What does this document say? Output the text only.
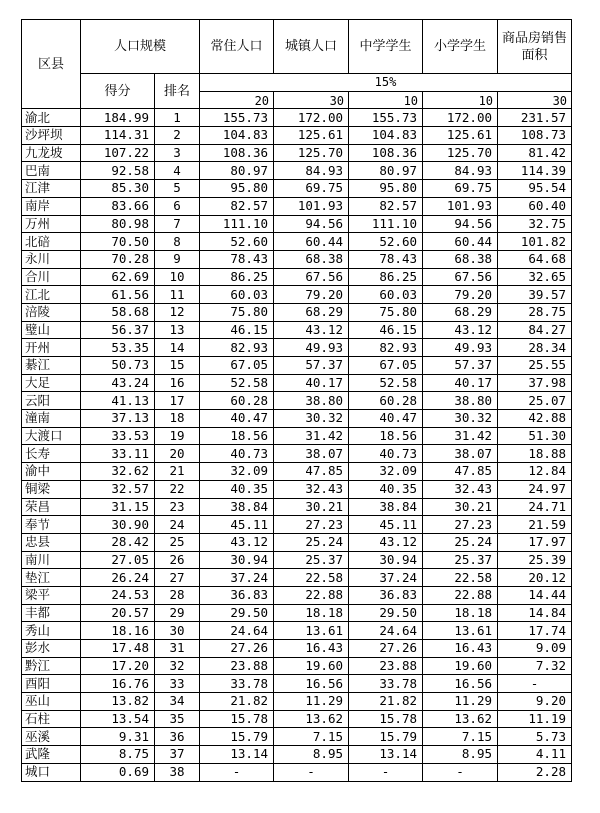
区县	人口规模		常住人口	城镇人口	中学学生	小学学生	商品房销售面积
	得分	排名	15%				
			20	30	10	10	30
渝北	184.99	1	155.73	172.00	155.73	172.00	231.57
沙坪坝	114.31	2	104.83	125.61	104.83	125.61	108.73
九龙坡	107.22	3	108.36	125.70	108.36	125.70	81.42
巴南	92.58	4	80.97	84.93	80.97	84.93	114.39
江津	85.30	5	95.80	69.75	95.80	69.75	95.54
南岸	83.66	6	82.57	101.93	82.57	101.93	60.40
万州	80.98	7	111.10	94.56	111.10	94.56	32.75
北碚	70.50	8	52.60	60.44	52.60	60.44	101.82
永川	70.28	9	78.43	68.38	78.43	68.38	64.68
合川	62.69	10	86.25	67.56	86.25	67.56	32.65
江北	61.56	11	60.03	79.20	60.03	79.20	39.57
涪陵	58.68	12	75.80	68.29	75.80	68.29	28.75
璧山	56.37	13	46.15	43.12	46.15	43.12	84.27
开州	53.35	14	82.93	49.93	82.93	49.93	28.34
綦江	50.73	15	67.05	57.37	67.05	57.37	25.55
大足	43.24	16	52.58	40.17	52.58	40.17	37.98
云阳	41.13	17	60.28	38.80	60.28	38.80	25.07
潼南	37.13	18	40.47	30.32	40.47	30.32	42.88
大渡口	33.53	19	18.56	31.42	18.56	31.42	51.30
长寿	33.11	20	40.73	38.07	40.73	38.07	18.88
渝中	32.62	21	32.09	47.85	32.09	47.85	12.84
铜梁	32.57	22	40.35	32.43	40.35	32.43	24.97
荣昌	31.15	23	38.84	30.21	38.84	30.21	24.71
奉节	30.90	24	45.11	27.23	45.11	27.23	21.59
忠县	28.42	25	43.12	25.24	43.12	25.24	17.97
南川	27.05	26	30.94	25.37	30.94	25.37	25.39
垫江	26.24	27	37.24	22.58	37.24	22.58	20.12
梁平	24.53	28	36.83	22.88	36.83	22.88	14.44
丰都	20.57	29	29.50	18.18	29.50	18.18	14.84
秀山	18.16	30	24.64	13.61	24.64	13.61	17.74
彭水	17.48	31	27.26	16.43	27.26	16.43	9.09
黔江	17.20	32	23.88	19.60	23.88	19.60	7.32
酉阳	16.76	33	33.78	16.56	33.78	16.56	-
巫山	13.82	34	21.82	11.29	21.82	11.29	9.20
石柱	13.54	35	15.78	13.62	15.78	13.62	11.19
巫溪	9.31	36	15.79	7.15	15.79	7.15	5.73
武隆	8.75	37	13.14	8.95	13.14	8.95	4.11
城口	0.69	38	-	-	-	-	2.28
